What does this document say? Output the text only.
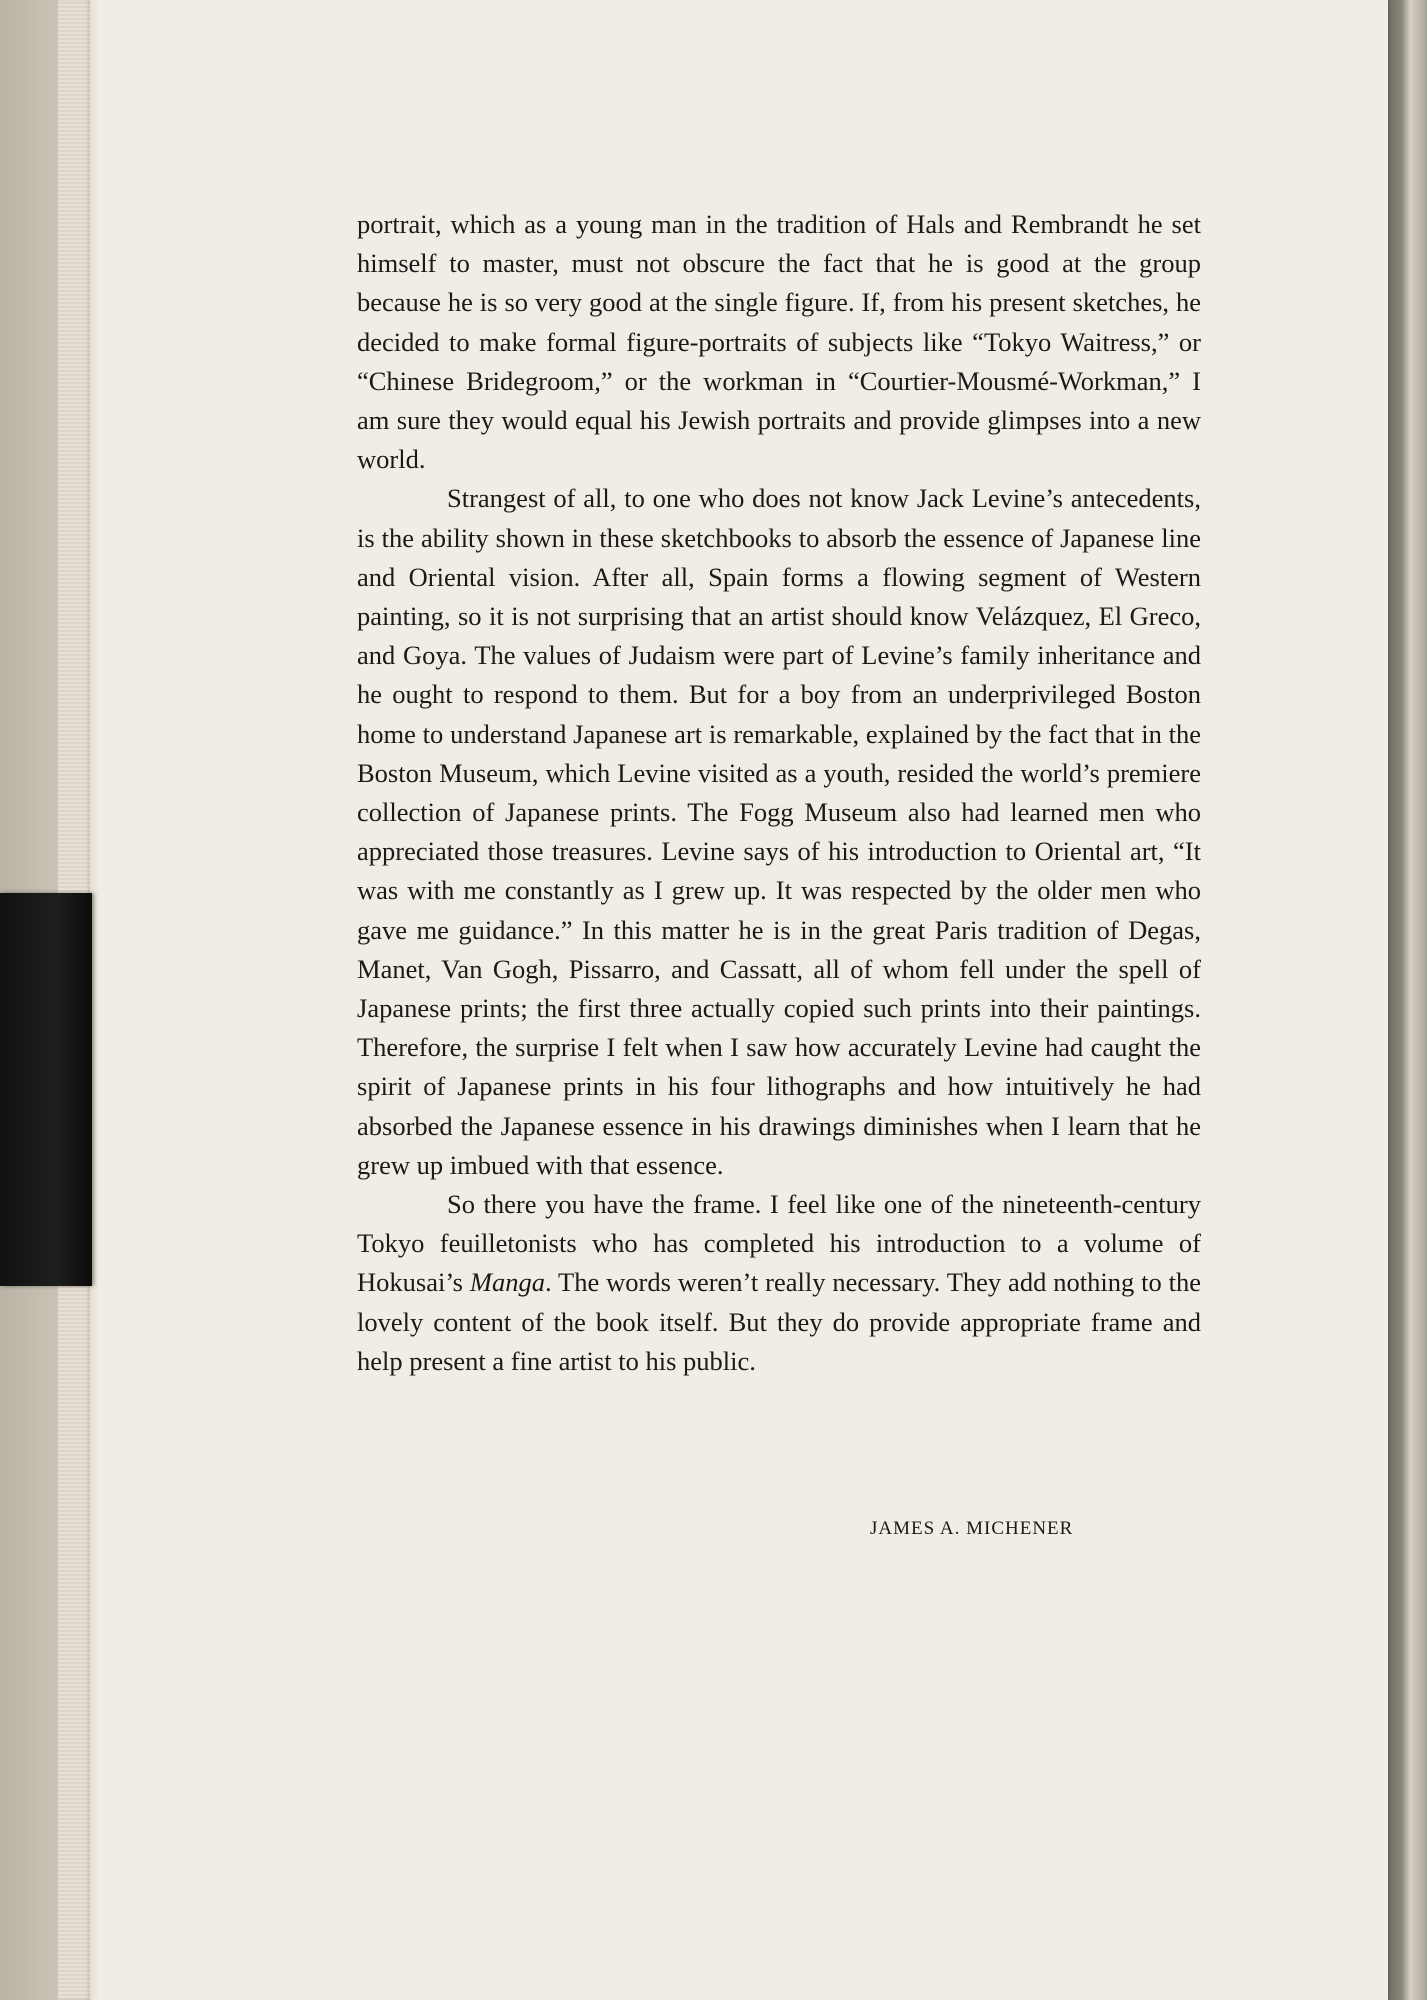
portrait, which as a young man in the tradition of Hals and Rembrandt he set himself to master, must not obscure the fact that he is good at the group because he is so very good at the single figure. If, from his present sketches, he decided to make formal figure-portraits of subjects like “Tokyo Waitress,” or “Chinese Bridegroom,” or the workman in “Courtier-Mousmé-Workman,” I am sure they would equal his Jewish portraits and provide glimpses into a new world.

Strangest of all, to one who does not know Jack Levine’s antecedents, is the ability shown in these sketchbooks to absorb the essence of Japanese line and Oriental vision. After all, Spain forms a flowing segment of Western painting, so it is not surprising that an artist should know Velázquez, El Greco, and Goya. The values of Judaism were part of Levine’s family inheritance and he ought to respond to them. But for a boy from an underprivileged Boston home to understand Japanese art is remarkable, explained by the fact that in the Boston Museum, which Levine visited as a youth, resided the world’s premiere collection of Japanese prints. The Fogg Museum also had learned men who appreciated those treasures. Levine says of his introduction to Oriental art, “It was with me constantly as I grew up. It was respected by the older men who gave me guidance.” In this matter he is in the great Paris tradition of Degas, Manet, Van Gogh, Pissarro, and Cassatt, all of whom fell under the spell of Japanese prints; the first three actually copied such prints into their paintings. Therefore, the surprise I felt when I saw how accurately Levine had caught the spirit of Japanese prints in his four lithographs and how intuitively he had absorbed the Japanese essence in his drawings diminishes when I learn that he grew up imbued with that essence.

So there you have the frame. I feel like one of the nineteenth-century Tokyo feuilletonists who has completed his introduction to a volume of Hokusai’s Manga. The words weren’t really necessary. They add nothing to the lovely content of the book itself. But they do provide appropriate frame and help present a fine artist to his public.

JAMES A. MICHENER
